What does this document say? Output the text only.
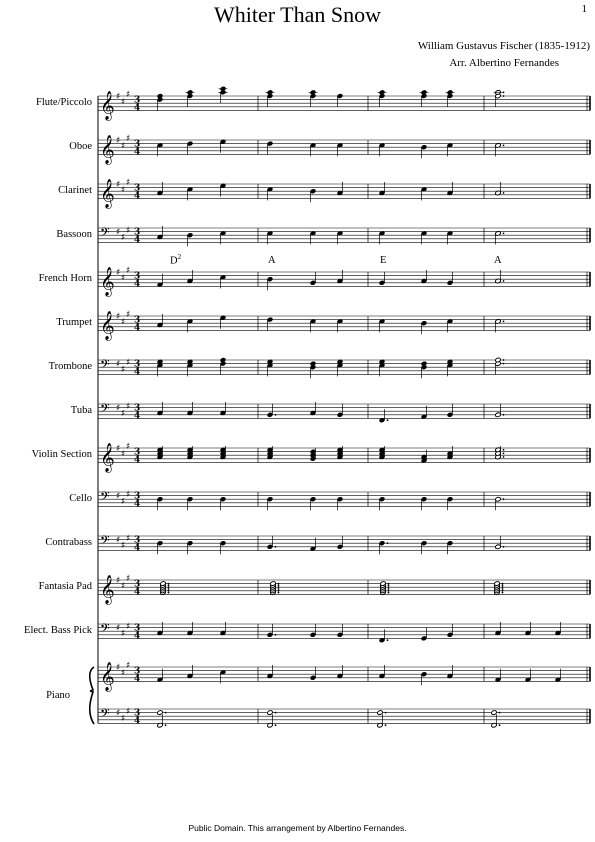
Whiter Than Snow	1
William Gustavus Fischer (1835-1912)
Arr. Albertino Fernandes
Flute/Piccolo
Oboe
Clarinet
Bassoon
French Horn
Trumpet
Trombone
Tuba
Violin Section
Cello
Contrabass
Fantasia Pad
Elect. Bass Pick
Piano
$D^2$	A	E	A
𝄞 ♯
♯
♯
3
4
𝄞 ♯
♯
♯
3
4
𝄞 ♯
♯
♯
3
4
𝄢 ♯
♯
♯ 3
4
𝄞 ♯
♯
♯
3
4
𝄞 ♯
♯
♯
3
4
𝄢 ♯
♯
♯ 3
4
𝄢 ♯
♯
♯ 3
4
𝄞 ♯
♯
♯
3
4
𝄢 ♯
♯
♯ 3
4
𝄢 ♯
♯
♯ 3
4
𝄞 ♯
♯
♯
3
4
𝄢 ♯
♯
♯ 3
4
𝄞 ♯
♯
♯
3
4
𝄢 ♯
♯
♯ 3
4
Public Domain. This arrangement by Albertino Fernandes.
